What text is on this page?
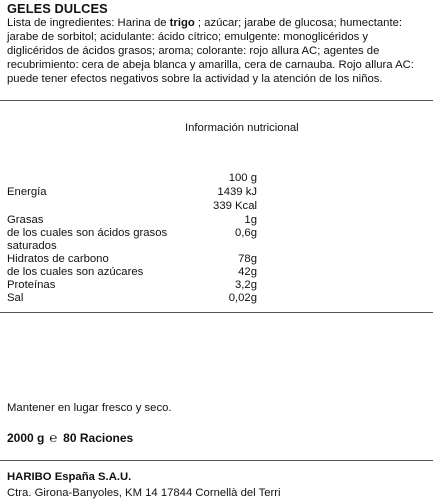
GELES DULCES
Lista de ingredientes: Harina de trigo ; azúcar; jarabe de glucosa; humectante: jarabe de sorbitol; acidulante: ácido cítrico; emulgente: monoglicéridos y diglicéridos de ácidos grasos; aroma; colorante: rojo allura AC; agentes de recubrimiento: cera de abeja blanca y amarilla, cera de carnauba. Rojo allura AC: puede tener efectos negativos sobre la actividad y la atención de los niños.
Información nutricional
100 g
Energía	1439 kJ
339 Kcal
Grasas	1g
de los cuales son ácidos grasos	0,6g
saturados
Hidratos de carbono	78g
de los cuales son azúcares	42g
Proteínas	3,2g
Sal	0,02g
Mantener en lugar fresco y seco.
2000 g ℮ 80 Raciones
HARIBO España S.A.U.
Ctra. Girona-Banyoles, KM 14 17844 Cornellà del Terri
